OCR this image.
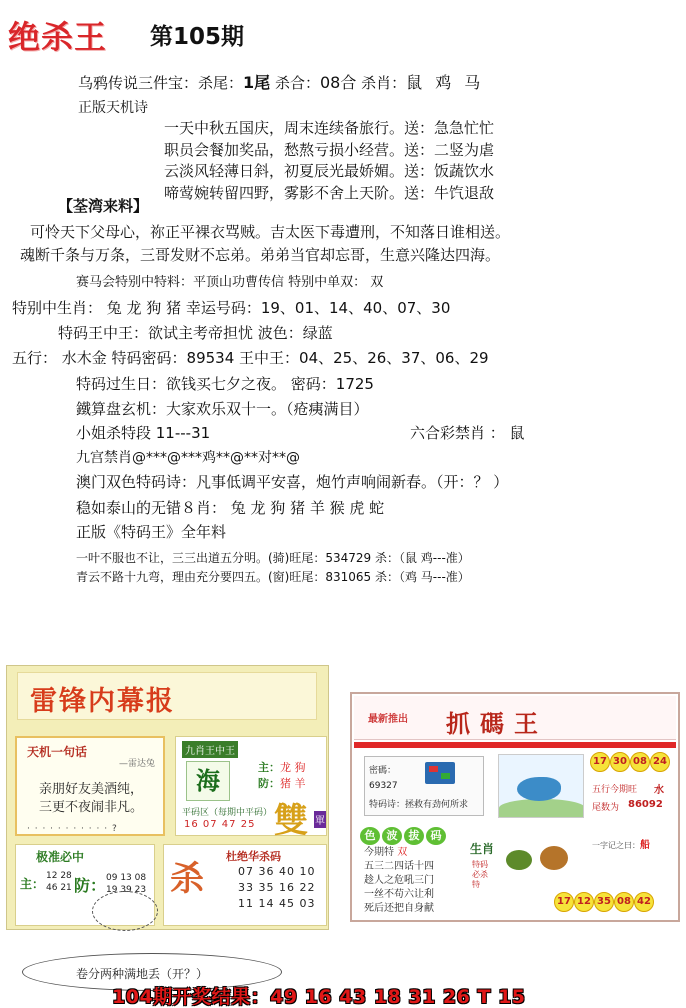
绝杀王 第105期
乌鸦传说三件宝：杀尾：1尾 杀合：08合 杀肖：鼠 鸡 马
正版天机诗
一天中秋五国庆，周末连续备旅行。送：急急忙忙
职员会餐加奖品，愁熬亏损小经营。送：二竖为虐
云淡风轻薄日斜，初夏辰光最娇媚。送：饭蔬饮水
啼莺婉转留四野，雾影不舍上天阶。送：牛饩退敌
【荃湾来料】
可怜天下父母心，祢正平裸衣骂贼。吉太医下毒遭刑，不知落日谁相送。
魂断千条与万条，三哥发财不忘弟。弟弟当官却忘哥，生意兴隆达四海。
赛马会特别中特料：平顶山功曹传信 特别中单双： 双
特别中生肖： 兔 龙 狗 猪 幸运号码：19、01、14、40、07、30
特码王中王：欲试主考帝担忧 波色：绿蓝
五行： 水木金 特码密码：89534 王中王：04、25、26、37、06、29
特码过生日：欲钱买七夕之夜。 密码：1725
鐵算盘玄机：大家欢乐双十一。（疮痍满目）
小姐杀特段 11---31	六合彩禁肖 ： 鼠
九宫禁肖@***@***鸡**@**对**@
澳门双色特码诗：凡事低调平安喜，炮竹声响闹新春。（开：？ ）
稳如泰山的无错８肖： 兔 龙 狗 猪 羊 猴 虎 蛇
正版《特码王》全年料
一叶不服也不让，三三出道五分明。(骑)旺尾：534729 杀：（鼠 鸡---准）
青云不路十九弯，理由充分要四五。(窗)旺尾：831065 杀：（鸡 马---准）
雷锋内幕报
天机一句话
—雷达兔
亲朋好友美酒纯，
三更不夜闹非凡。
· · · · · · · · · · · ?
九肖王中王
海	主：龙 狗
防：猪 羊
平码区（每期中平码）
16 07 47 25 雙 單
极准必中
主： 防：
12 28
46 21
09 13 08
19 39 23 杀
杜绝华杀码
07 36 40 10
33 35 16 22
11 14 45 03
最新推出 抓碼王
密碼：
69327
特码诗：拯救有劲何所求
17 30 08 24
五行今期旺 水
尾数为 86092
色 波 拔 码
今期特 双
五三二四话十四
趁人之危吼三门
一丝不苟六让利
死后还把自身献
生肖
特码必杀特
一字记之曰：船
17 12 35 08 42
卷分两种满地丢（开？）
104期开奖结果：49 16 43 18 31 26 T 15
